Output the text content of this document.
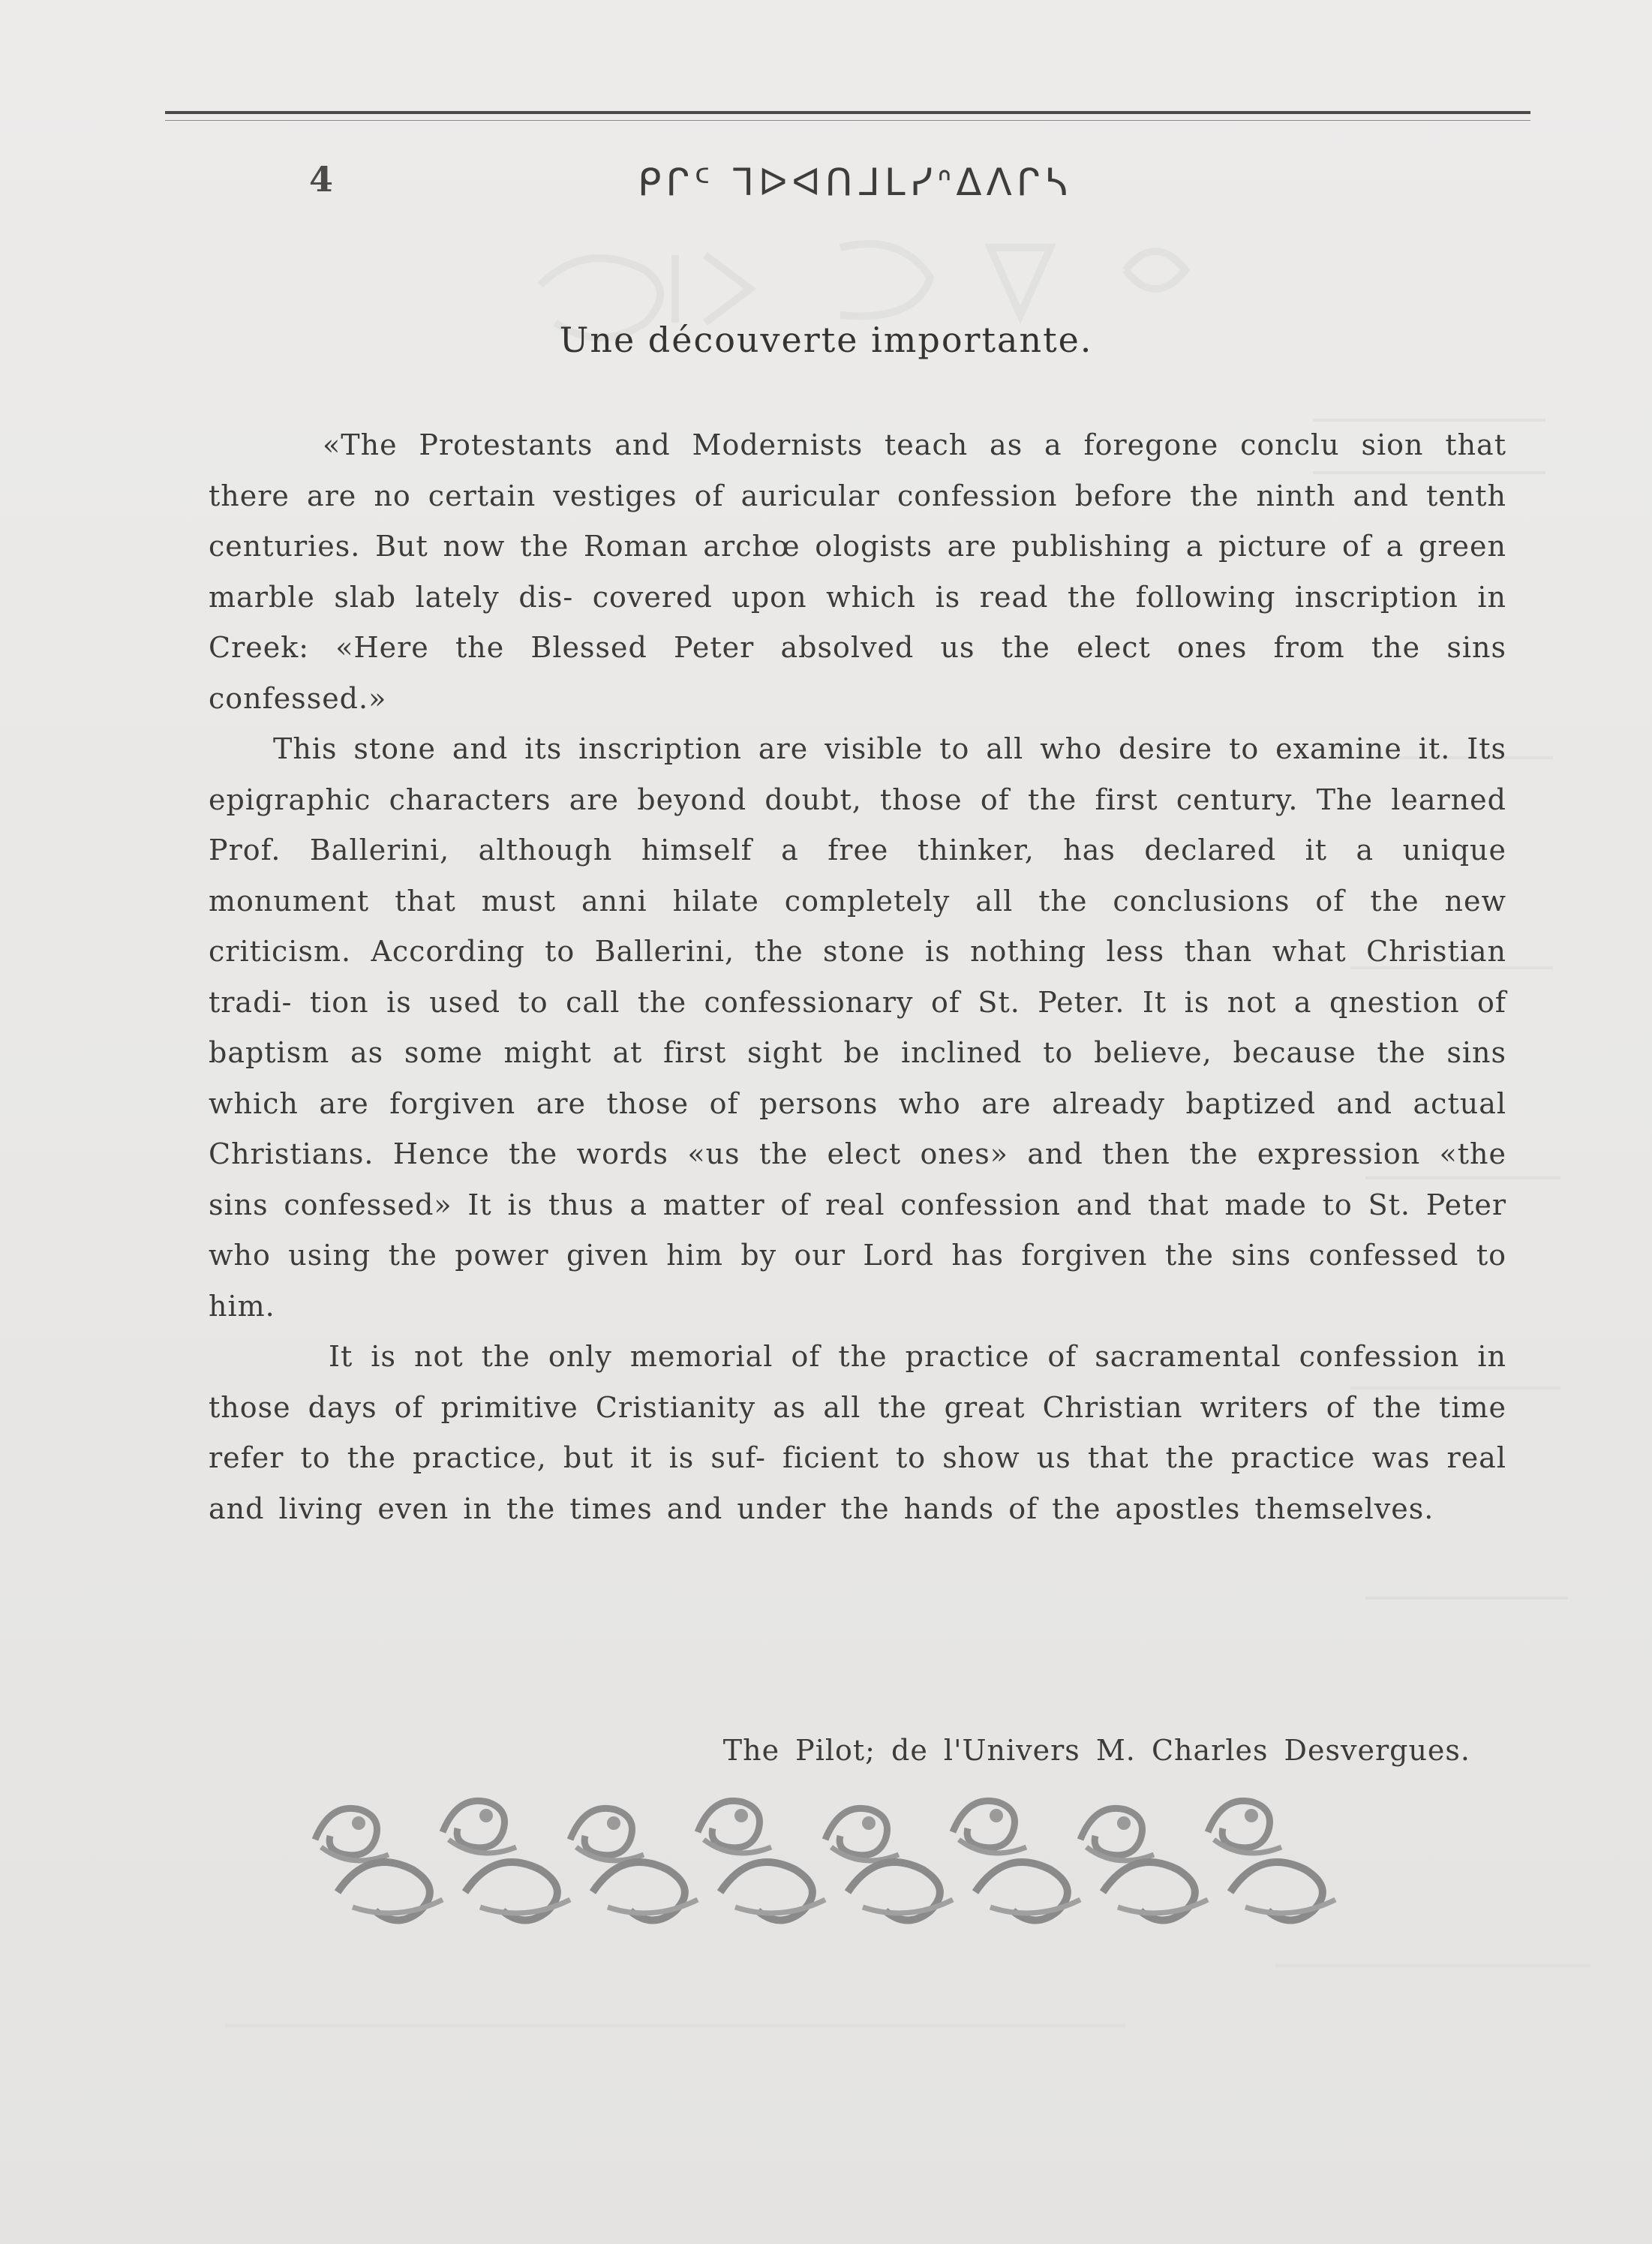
4	ᑭᒋᑦ ᒣᐅᐊᑎᒧᒪᓯᐢᐃᐱᒋᓴ
Une découverte importante.

«The Protestants and Modernists teach as a foregone conclu sion that there are no certain vestiges of auricular confession before the ninth and tenth centuries. But now the Roman archœ ologists are publishing a picture of a green marble slab lately dis- covered upon which is read the following inscription in Creek: «Here the Blessed Peter absolved us the elect ones from the sins confessed.»

This stone and its inscription are visible to all who desire to examine it. Its epigraphic characters are beyond doubt, those of the first century. The learned Prof. Ballerini, although himself a free thinker, has declared it a unique monument that must anni hilate completely all the conclusions of the new criticism. According to Ballerini, the stone is nothing less than what Christian tradi- tion is used to call the confessionary of St. Peter. It is not a qnestion of baptism as some might at first sight be inclined to believe, because the sins which are forgiven are those of persons who are already baptized and actual Christians. Hence the words «us the elect ones» and then the expression «the sins confessed» It is thus a matter of real confession and that made to St. Peter who using the power given him by our Lord has forgiven the sins confessed to him.

It is not the only memorial of the practice of sacramental confession in those days of primitive Cristianity as all the great Christian writers of the time refer to the practice, but it is suf- ficient to show us that the practice was real and living even in the times and under the hands of the apostles themselves.

The Pilot; de l'Univers M. Charles Desvergues.
